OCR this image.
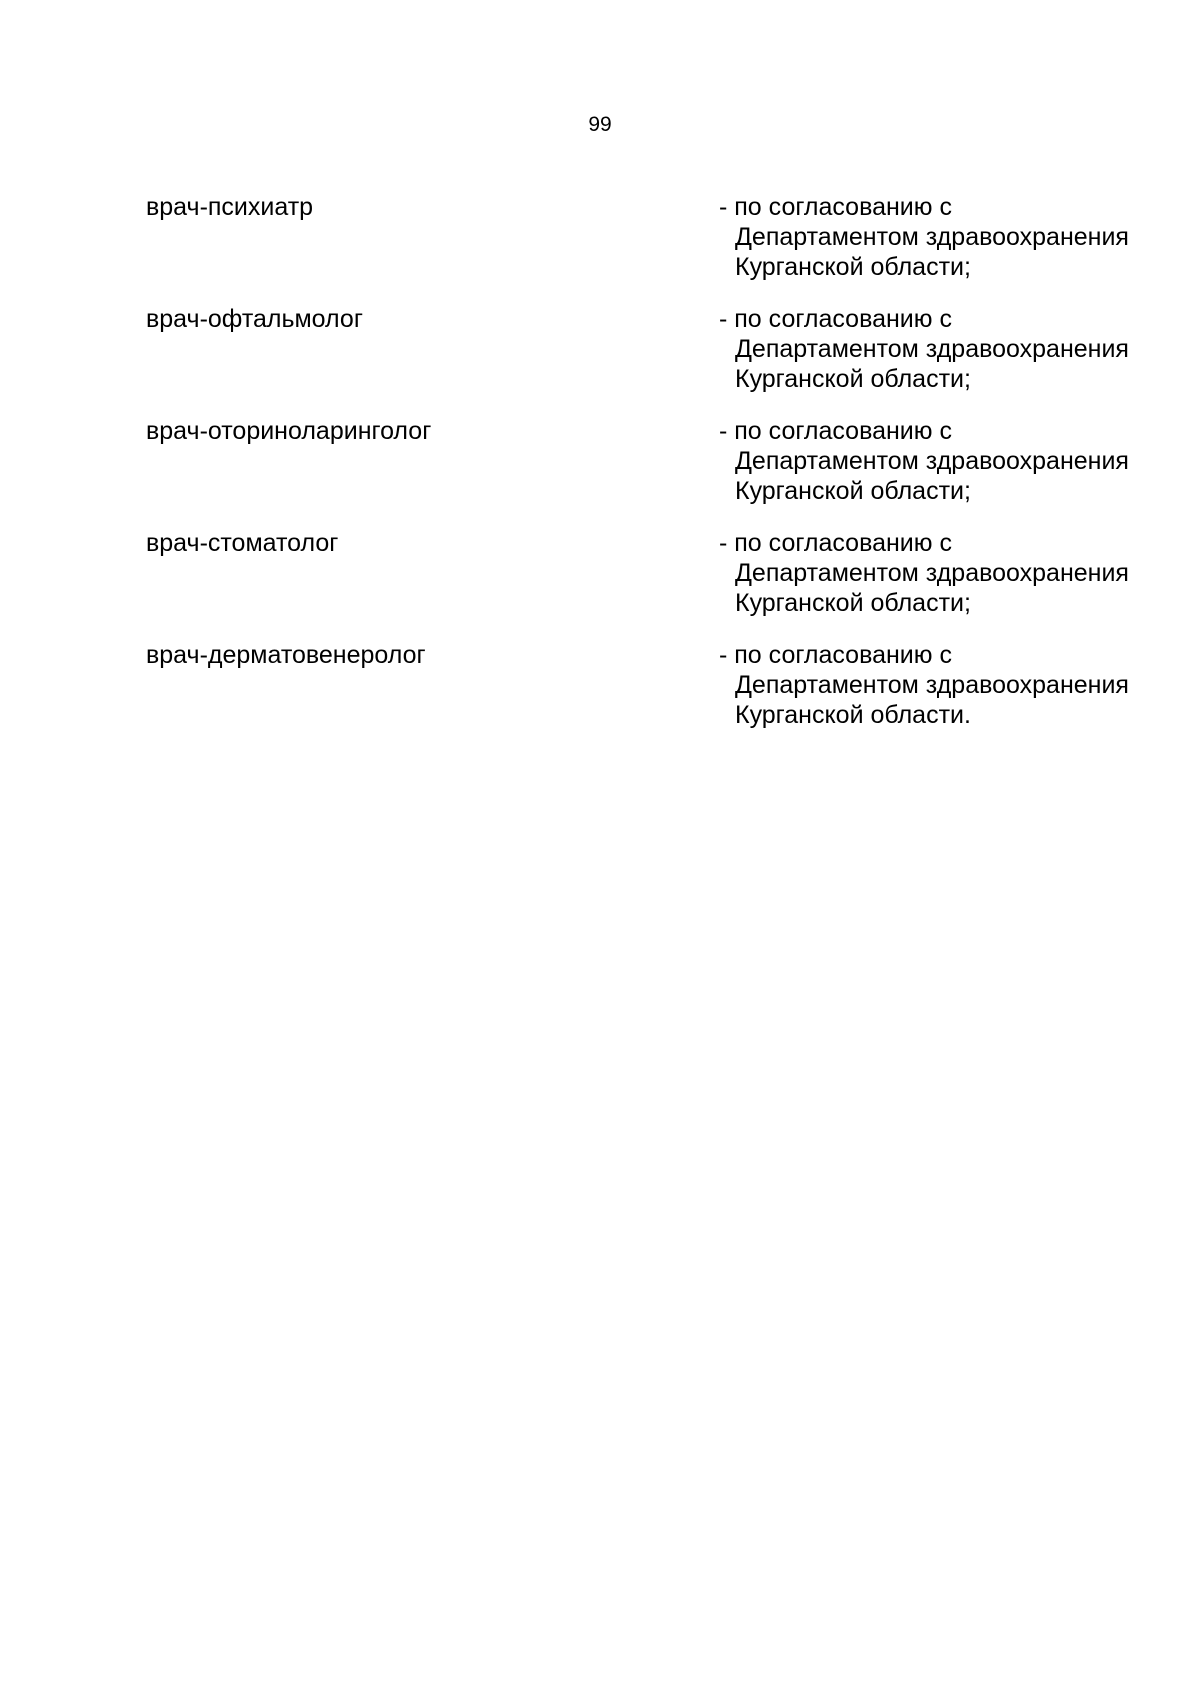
99
врач-психиатр	- по согласованию с
Департаментом здравоохранения
Курганской области;
врач-офтальмолог	- по согласованию с
Департаментом здравоохранения
Курганской области;
врач-оториноларинголог	- по согласованию с
Департаментом здравоохранения
Курганской области;
врач-стоматолог	- по согласованию с
Департаментом здравоохранения
Курганской области;
врач-дерматовенеролог	- по согласованию с
Департаментом здравоохранения
Курганской области.
